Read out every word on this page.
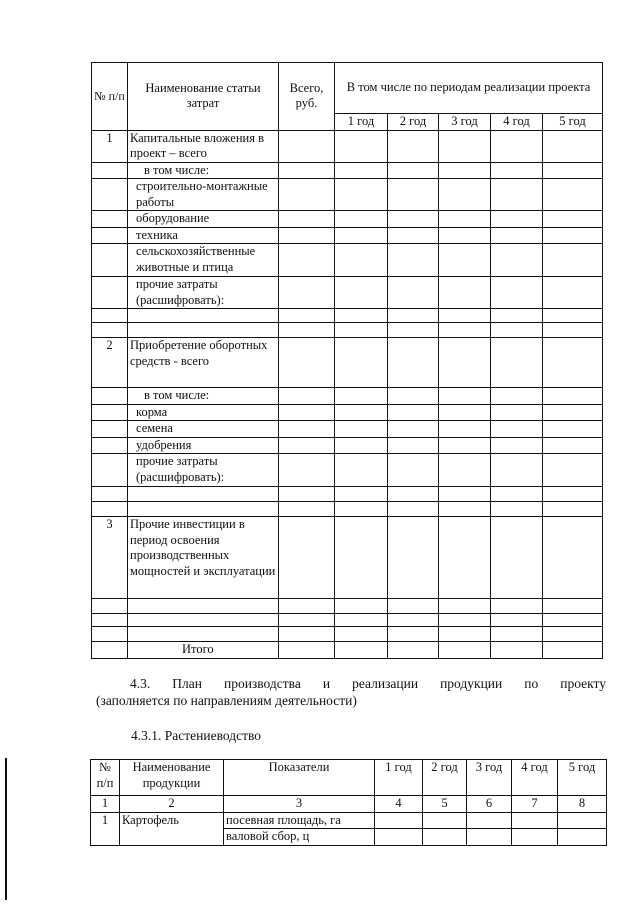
№ п/п	Наименование статьи затрат	Всего, руб.	В том числе по периодам реализации проекта				
			1 год	2 год	3 год	4 год	5 год
1	Капитальные вложения в проект – всего						
	в том числе:						
	строительно-монтажные работы						
	оборудование						
	техника						
	сельскохозяйственные животные и птица						
	прочие затраты (расшифровать):						

2	Приобретение оборотных средств - всего						
	в том числе:						
	корма						
	семена						
	удобрения						
	прочие затраты (расшифровать):						

3	Прочие инвестиции в период освоения производственных мощностей и эксплуатации						

	Итого						
4.3. План производства и реализации продукции по проекту
(заполняется по направлениям деятельности)
4.3.1. Растениеводство
№ п/п	Наименование продукции	Показатели	1 год	2 год	3 год	4 год	5 год
1	2	3	4	5	6	7	8
1	Картофель	посевная площадь, га					
		валовой сбор, ц					
